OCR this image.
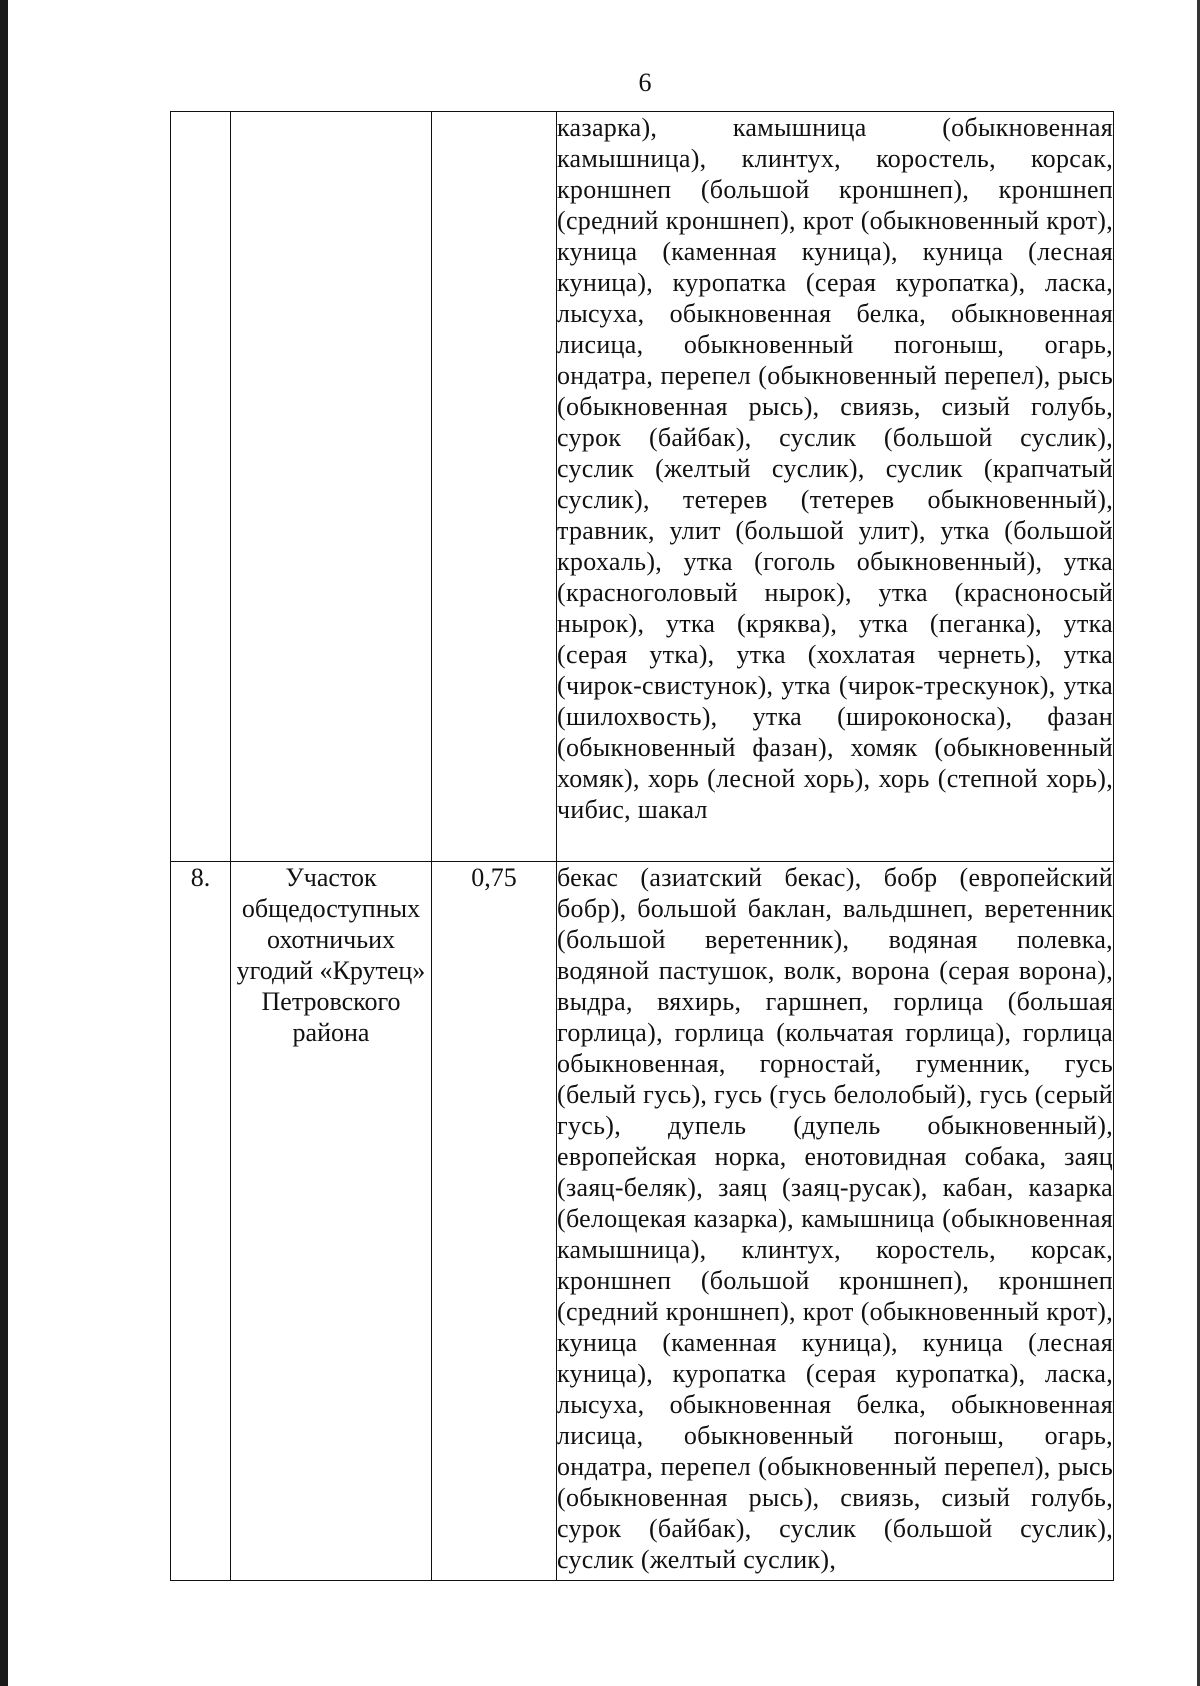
6
			казарка), камышница (обыкновенная камышница), клинтух, коростель, корсак, кроншнеп (большой кроншнеп), кроншнеп (средний кроншнеп), крот (обыкновенный крот), куница (каменная куница), куница (лесная куница), куропатка (серая куропатка), ласка, лысуха, обыкновенная белка, обыкновенная лисица, обыкновенный погоныш, огарь, ондатра, перепел (обыкновенный перепел), рысь (обыкновенная рысь), свиязь, сизый голубь, сурок (байбак), суслик (большой суслик), суслик (желтый суслик), суслик (крапчатый суслик), тетерев (тетерев обыкновенный), травник, улит (большой улит), утка (большой крохаль), утка (гоголь обыкновенный), утка (красноголовый нырок), утка (красноносый нырок), утка (кряква), утка (пеганка), утка (серая утка), утка (хохлатая чернеть), утка (чирок-свистунок), утка (чирок-трескунок), утка (шилохвость), утка (широконоска), фазан (обыкновенный фазан), хомяк (обыкновенный хомяк), хорь (лесной хорь), хорь (степной хорь), чибис, шакал
8.	Участок общедоступных охотничьих угодий «Крутец» Петровского района	0,75	бекас (азиатский бекас), бобр (европейский бобр), большой баклан, вальдшнеп, веретенник (большой веретенник), водяная полевка, водяной пастушок, волк, ворона (серая ворона), выдра, вяхирь, гаршнеп, горлица (большая горлица), горлица (кольчатая горлица), горлица обыкновенная, горностай, гуменник, гусь (белый гусь), гусь (гусь белолобый), гусь (серый гусь), дупель (дупель обыкновенный), европейская норка, енотовидная собака, заяц (заяц-беляк), заяц (заяц-русак), кабан, казарка (белощекая казарка), камышница (обыкновенная камышница), клинтух, коростель, корсак, кроншнеп (большой кроншнеп), кроншнеп (средний кроншнеп), крот (обыкновенный крот), куница (каменная куница), куница (лесная куница), куропатка (серая куропатка), ласка, лысуха, обыкновенная белка, обыкновенная лисица, обыкновенный погоныш, огарь, ондатра, перепел (обыкновенный перепел), рысь (обыкновенная рысь), свиязь, сизый голубь, сурок (байбак), суслик (большой суслик), суслик (желтый суслик),
